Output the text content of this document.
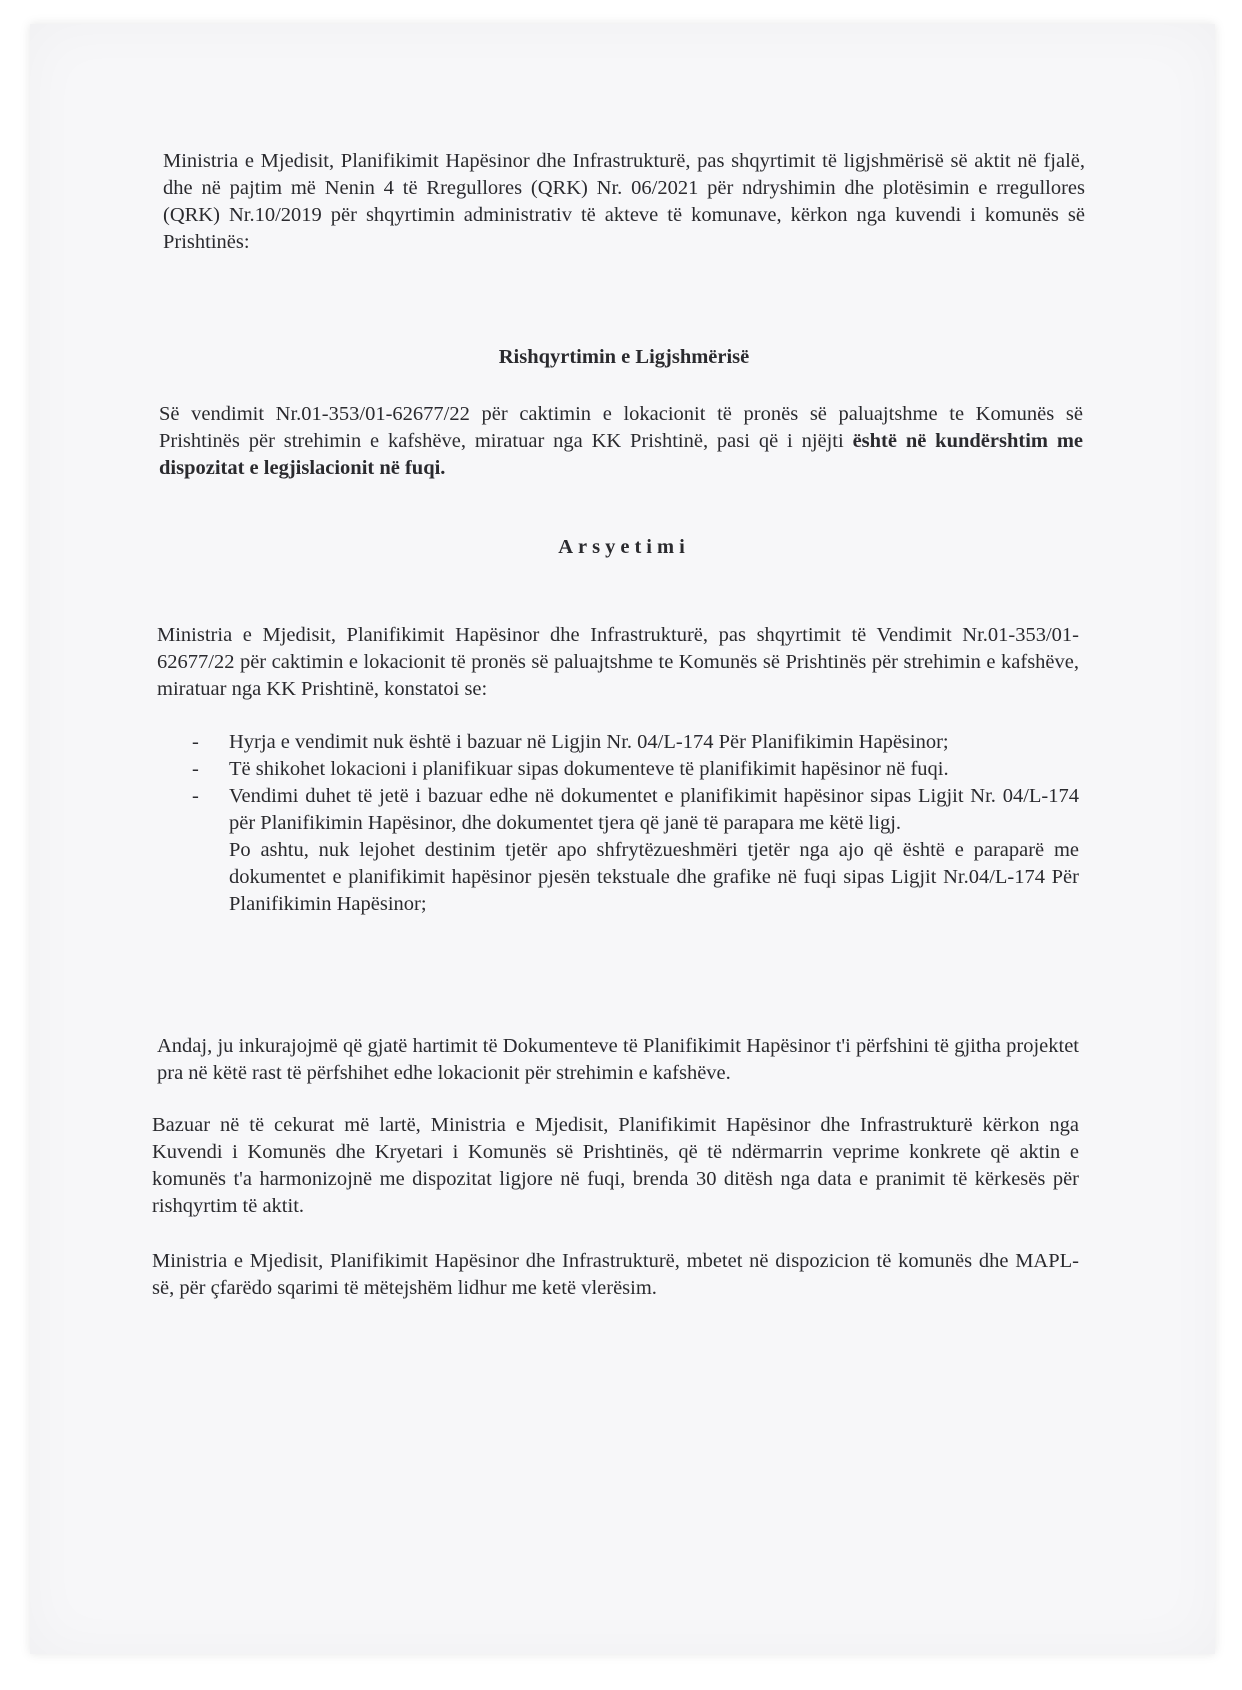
Ministria e Mjedisit, Planifikimit Hapësinor dhe Infrastrukturë, pas shqyrtimit të ligjshmërisë së aktit në fjalë, dhe në pajtim më Nenin 4 të Rregullores (QRK) Nr. 06/2021 për ndryshimin dhe plotësimin e rregullores (QRK) Nr.10/2019 për shqyrtimin administrativ të akteve të komunave, kërkon nga kuvendi i komunës së Prishtinës:

Rishqyrtimin e Ligjshmërisë

Së vendimit Nr.01-353/01-62677/22 për caktimin e lokacionit të pronës së paluajtshme te Komunës së Prishtinës për strehimin e kafshëve, miratuar nga KK Prishtinë, pasi që i njëjti është në kundërshtim me dispozitat e legjislacionit në fuqi.

Arsyetimi

Ministria e Mjedisit, Planifikimit Hapësinor dhe Infrastrukturë, pas shqyrtimit të Vendimit Nr.01-353/01-62677/22 për caktimin e lokacionit të pronës së paluajtshme te Komunës së Prishtinës për strehimin e kafshëve, miratuar nga KK Prishtinë, konstatoi se:

- Hyrja e vendimit nuk është i bazuar në Ligjin Nr. 04/L-174 Për Planifikimin Hapësinor;
- Të shikohet lokacioni i planifikuar sipas dokumenteve të planifikimit hapësinor në fuqi.
- Vendimi duhet të jetë i bazuar edhe në dokumentet e planifikimit hapësinor sipas Ligjit Nr. 04/L-174 për Planifikimin Hapësinor, dhe dokumentet tjera që janë të parapara me këtë ligj.
Po ashtu, nuk lejohet destinim tjetër apo shfrytëzueshmëri tjetër nga ajo që është e paraparë me dokumentet e planifikimit hapësinor pjesën tekstuale dhe grafike në fuqi sipas Ligjit Nr.04/L-174 Për Planifikimin Hapësinor;

Andaj, ju inkurajojmë që gjatë hartimit të Dokumenteve të Planifikimit Hapësinor t'i përfshini të gjitha projektet pra në këtë rast të përfshihet edhe lokacionit për strehimin e kafshëve.

Bazuar në të cekurat më lartë, Ministria e Mjedisit, Planifikimit Hapësinor dhe Infrastrukturë kërkon nga Kuvendi i Komunës dhe Kryetari i Komunës së Prishtinës, që të ndërmarrin veprime konkrete që aktin e komunës t'a harmonizojnë me dispozitat ligjore në fuqi, brenda 30 ditësh nga data e pranimit të kërkesës për rishqyrtim të aktit.

Ministria e Mjedisit, Planifikimit Hapësinor dhe Infrastrukturë, mbetet në dispozicion të komunës dhe MAPL-së, për çfarëdo sqarimi të mëtejshëm lidhur me ketë vlerësim.
